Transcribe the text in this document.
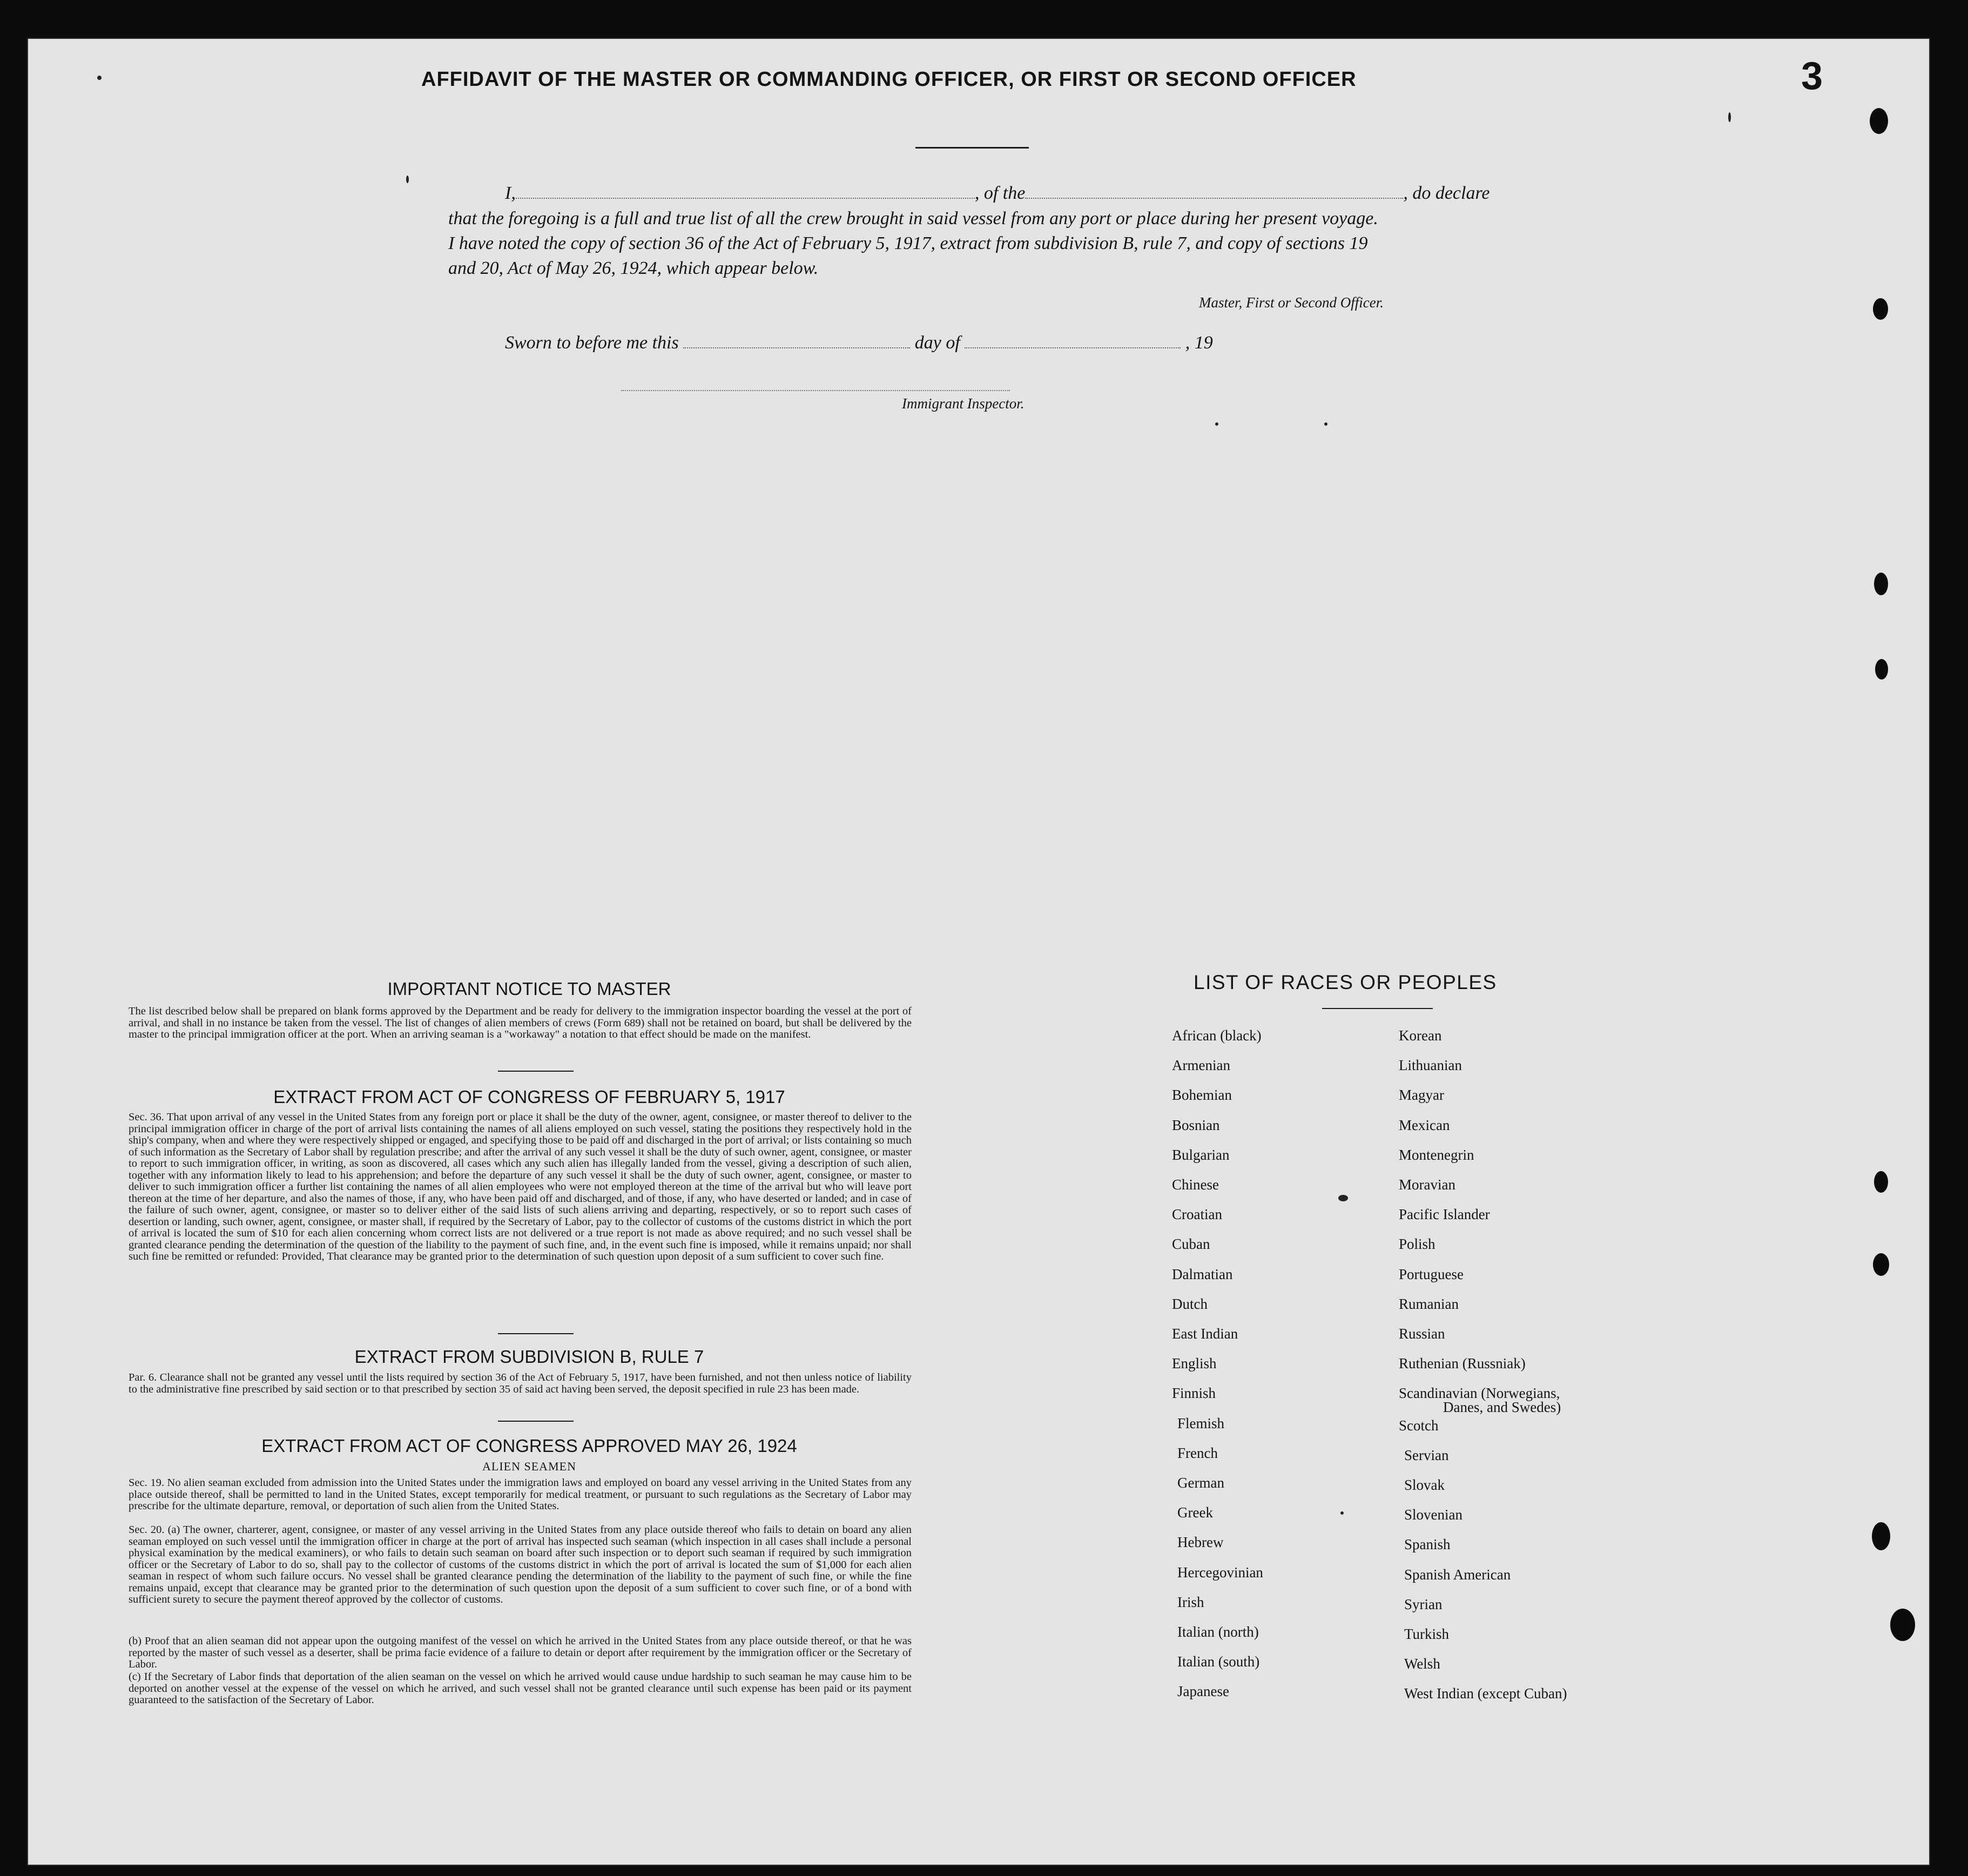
AFFIDAVIT OF THE MASTER OR COMMANDING OFFICER, OR FIRST OR SECOND OFFICER
I,	, of the	, do declare
that the foregoing is a full and true list of all the crew brought in said vessel from any port or place during her present voyage.
I have noted the copy of section 36 of the Act of February 5, 1917, extract from subdivision B, rule 7, and copy of sections 19
and 20, Act of May 26, 1924, which appear below.
Master, First or Second Officer.
Sworn to before me this	day of	, 19
Immigrant Inspector.
IMPORTANT NOTICE TO MASTER
The list described below shall be prepared on blank forms approved by the Department and be ready for delivery to the immigration inspector boarding the vessel at the port of arrival, and shall in no instance be taken from the vessel. The list of changes of alien members of crews (Form 689) shall not be retained on board, but shall be delivered by the master to the principal immigration officer at the port. When an arriving seaman is a "workaway" a notation to that effect should be made on the manifest.
EXTRACT FROM ACT OF CONGRESS OF FEBRUARY 5, 1917
Sec. 36. That upon arrival of any vessel in the United States from any foreign port or place it shall be the duty of the owner, agent, consignee, or master thereof to deliver to the principal immigration officer in charge of the port of arrival lists containing the names of all aliens employed on such vessel, stating the positions they respectively hold in the ship's company, when and where they were respectively shipped or engaged, and specifying those to be paid off and discharged in the port of arrival; or lists containing so much of such information as the Secretary of Labor shall by regulation prescribe; and after the arrival of any such vessel it shall be the duty of such owner, agent, consignee, or master to report to such immigration officer, in writing, as soon as discovered, all cases which any such alien has illegally landed from the vessel, giving a description of such alien, together with any information likely to lead to his apprehension; and before the departure of any such vessel it shall be the duty of such owner, agent, consignee, or master to deliver to such immigration officer a further list containing the names of all alien employees who were not employed thereon at the time of the arrival but who will leave port thereon at the time of her departure, and also the names of those, if any, who have been paid off and discharged, and of those, if any, who have deserted or landed; and in case of the failure of such owner, agent, consignee, or master so to deliver either of the said lists of such aliens arriving and departing, respectively, or so to report such cases of desertion or landing, such owner, agent, consignee, or master shall, if required by the Secretary of Labor, pay to the collector of customs of the customs district in which the port of arrival is located the sum of $10 for each alien concerning whom correct lists are not delivered or a true report is not made as above required; and no such vessel shall be granted clearance pending the determination of the question of the liability to the payment of such fine, and, in the event such fine is imposed, while it remains unpaid; nor shall such fine be remitted or refunded: Provided, That clearance may be granted prior to the determination of such question upon deposit of a sum sufficient to cover such fine.
EXTRACT FROM SUBDIVISION B, RULE 7
Par. 6. Clearance shall not be granted any vessel until the lists required by section 36 of the Act of February 5, 1917, have been furnished, and not then unless notice of liability to the administrative fine prescribed by said section or to that prescribed by section 35 of said act having been served, the deposit specified in rule 23 has been made.
EXTRACT FROM ACT OF CONGRESS APPROVED MAY 26, 1924
ALIEN SEAMEN
Sec. 19. No alien seaman excluded from admission into the United States under the immigration laws and employed on board any vessel arriving in the United States from any place outside thereof, shall be permitted to land in the United States, except temporarily for medical treatment, or pursuant to such regulations as the Secretary of Labor may prescribe for the ultimate departure, removal, or deportation of such alien from the United States.
Sec. 20. (a) The owner, charterer, agent, consignee, or master of any vessel arriving in the United States from any place outside thereof who fails to detain on board any alien seaman employed on such vessel until the immigration officer in charge at the port of arrival has inspected such seaman (which inspection in all cases shall include a personal physical examination by the medical examiners), or who fails to detain such seaman on board after such inspection or to deport such seaman if required by such immigration officer or the Secretary of Labor to do so, shall pay to the collector of customs of the customs district in which the port of arrival is located the sum of $1,000 for each alien seaman in respect of whom such failure occurs. No vessel shall be granted clearance pending the determination of the liability to the payment of such fine, or while the fine remains unpaid, except that clearance may be granted prior to the determination of such question upon the deposit of a sum sufficient to cover such fine, or of a bond with sufficient surety to secure the payment thereof approved by the collector of customs.
(b) Proof that an alien seaman did not appear upon the outgoing manifest of the vessel on which he arrived in the United States from any place outside thereof, or that he was reported by the master of such vessel as a deserter, shall be prima facie evidence of a failure to detain or deport after requirement by the immigration officer or the Secretary of Labor.
(c) If the Secretary of Labor finds that deportation of the alien seaman on the vessel on which he arrived would cause undue hardship to such seaman he may cause him to be deported on another vessel at the expense of the vessel on which he arrived, and such vessel shall not be granted clearance until such expense has been paid or its payment guaranteed to the satisfaction of the Secretary of Labor.
LIST OF RACES OR PEOPLES
African (black)
Armenian
Bohemian
Bosnian
Bulgarian
Chinese
Croatian
Cuban
Dalmatian
Dutch
East Indian
English
Finnish
Flemish
French
German
Greek
Hebrew
Hercegovinian
Irish
Italian (north)
Italian (south)
Japanese
Korean
Lithuanian
Magyar
Mexican
Montenegrin
Moravian
Pacific Islander
Polish
Portuguese
Rumanian
Russian
Ruthenian (Russniak)
Scandinavian (Norwegians,
Danes, and Swedes)
Scotch
Servian
Slovak
Slovenian
Spanish
Spanish American
Syrian
Turkish
Welsh
West Indian (except Cuban)
3
